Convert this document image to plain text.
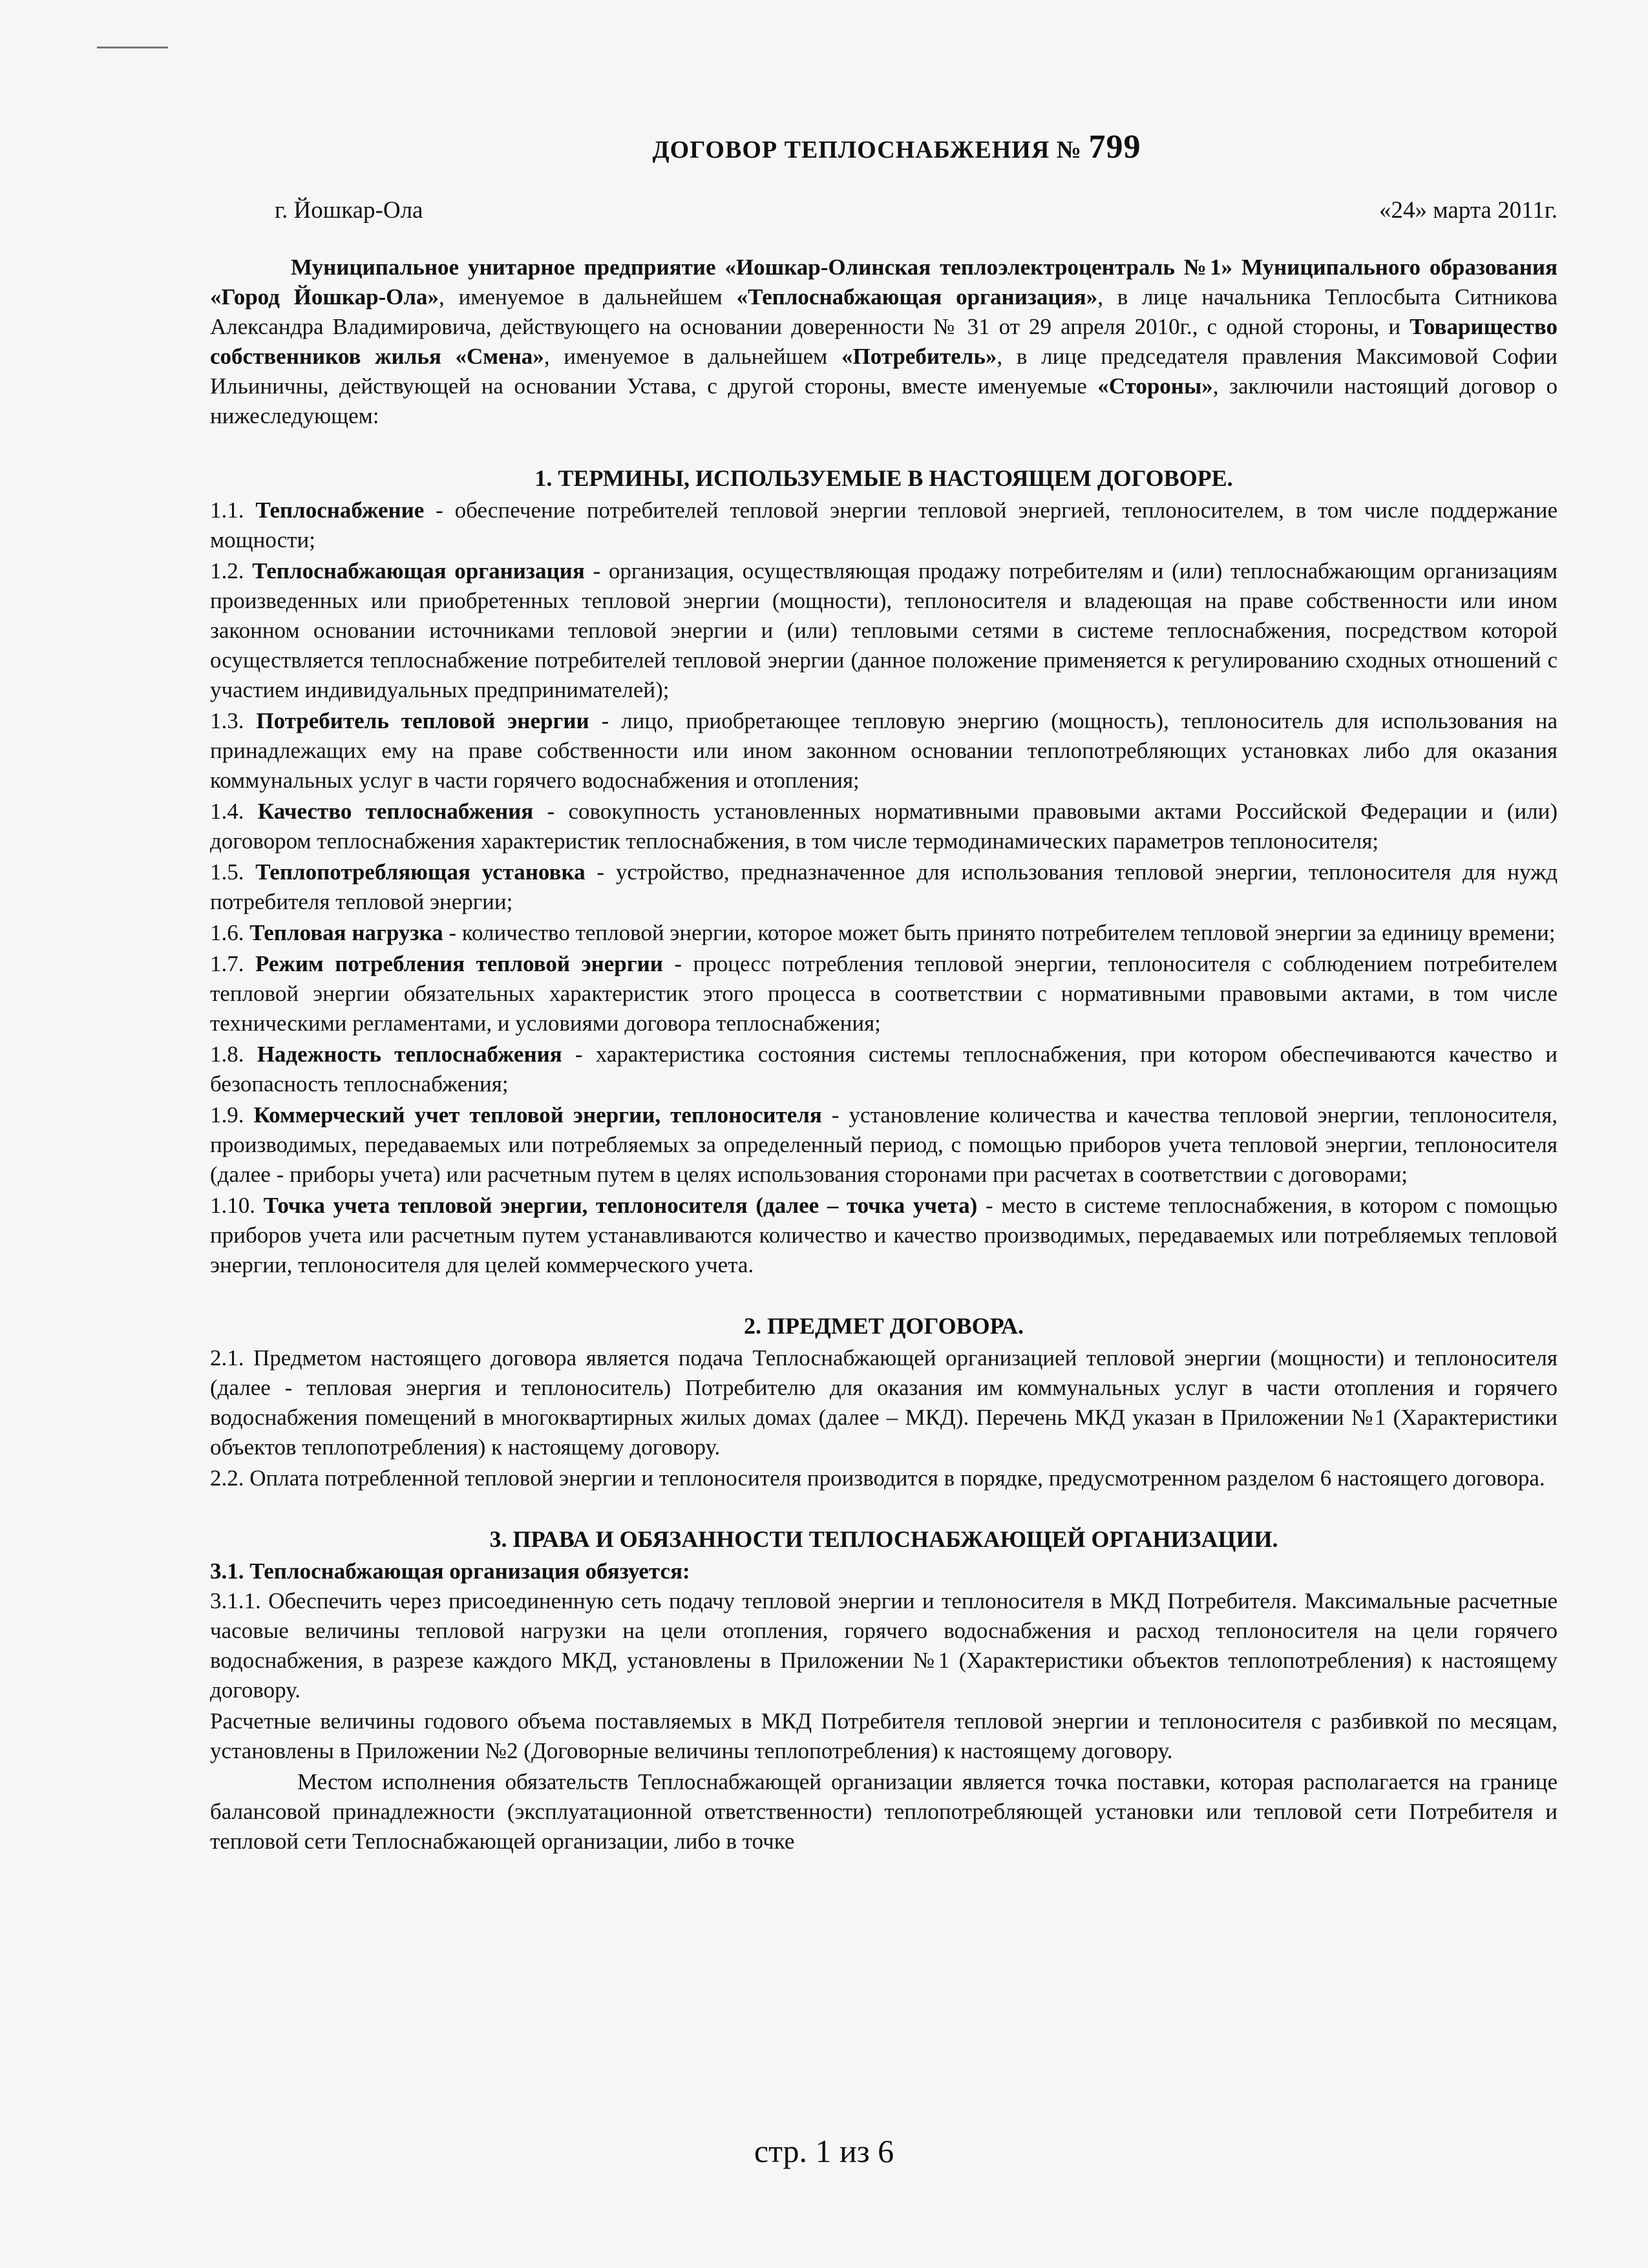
ДОГОВОР ТЕПЛОСНАБЖЕНИЯ № 799
г. Йошкар-Ола	«24» марта 2011г.

Муниципальное унитарное предприятие «Иошкар-Олинская теплоэлектроцентраль №1» Муниципального образования «Город Йошкар-Ола», именуемое в дальнейшем «Теплоснабжающая организация», в лице начальника Теплосбыта Ситникова Александра Владимировича, действующего на основании доверенности № 31 от 29 апреля 2010г., с одной стороны, и Товарищество собственников жилья «Смена», именуемое в дальнейшем «Потребитель», в лице председателя правления Максимовой Софии Ильиничны, действующей на основании Устава, с другой стороны, вместе именуемые «Стороны», заключили настоящий договор о нижеследующем:

1. ТЕРМИНЫ, ИСПОЛЬЗУЕМЫЕ В НАСТОЯЩЕМ ДОГОВОРЕ.

1.1. Теплоснабжение - обеспечение потребителей тепловой энергии тепловой энергией, теплоносителем, в том числе поддержание мощности;

1.2. Теплоснабжающая организация - организация, осуществляющая продажу потребителям и (или) теплоснабжающим организациям произведенных или приобретенных тепловой энергии (мощности), теплоносителя и владеющая на праве собственности или ином законном основании источниками тепловой энергии и (или) тепловыми сетями в системе теплоснабжения, посредством которой осуществляется теплоснабжение потребителей тепловой энергии (данное положение применяется к регулированию сходных отношений с участием индивидуальных предпринимателей);

1.3. Потребитель тепловой энергии - лицо, приобретающее тепловую энергию (мощность), теплоноситель для использования на принадлежащих ему на праве собственности или ином законном основании теплопотребляющих установках либо для оказания коммунальных услуг в части горячего водоснабжения и отопления;

1.4. Качество теплоснабжения - совокупность установленных нормативными правовыми актами Российской Федерации и (или) договором теплоснабжения характеристик теплоснабжения, в том числе термодинамических параметров теплоносителя;

1.5. Теплопотребляющая установка - устройство, предназначенное для использования тепловой энергии, теплоносителя для нужд потребителя тепловой энергии;

1.6. Тепловая нагрузка - количество тепловой энергии, которое может быть принято потребителем тепловой энергии за единицу времени;

1.7. Режим потребления тепловой энергии - процесс потребления тепловой энергии, теплоносителя с соблюдением потребителем тепловой энергии обязательных характеристик этого процесса в соответствии с нормативными правовыми актами, в том числе техническими регламентами, и условиями договора теплоснабжения;

1.8. Надежность теплоснабжения - характеристика состояния системы теплоснабжения, при котором обеспечиваются качество и безопасность теплоснабжения;

1.9. Коммерческий учет тепловой энергии, теплоносителя - установление количества и качества тепловой энергии, теплоносителя, производимых, передаваемых или потребляемых за определенный период, с помощью приборов учета тепловой энергии, теплоносителя (далее - приборы учета) или расчетным путем в целях использования сторонами при расчетах в соответствии с договорами;

1.10. Точка учета тепловой энергии, теплоносителя (далее – точка учета) - место в системе теплоснабжения, в котором с помощью приборов учета или расчетным путем устанавливаются количество и качество производимых, передаваемых или потребляемых тепловой энергии, теплоносителя для целей коммерческого учета.

2. ПРЕДМЕТ ДОГОВОРА.

2.1. Предметом настоящего договора является подача Теплоснабжающей организацией тепловой энергии (мощности) и теплоносителя (далее - тепловая энергия и теплоноситель) Потребителю для оказания им коммунальных услуг в части отопления и горячего водоснабжения помещений в многоквартирных жилых домах (далее – МКД). Перечень МКД указан в Приложении №1 (Характеристики объектов теплопотребления) к настоящему договору.

2.2. Оплата потребленной тепловой энергии и теплоносителя производится в порядке, предусмотренном разделом 6 настоящего договора.

3. ПРАВА И ОБЯЗАННОСТИ ТЕПЛОСНАБЖАЮЩЕЙ ОРГАНИЗАЦИИ.

3.1. Теплоснабжающая организация обязуется:

3.1.1. Обеспечить через присоединенную сеть подачу тепловой энергии и теплоносителя в МКД Потребителя. Максимальные расчетные часовые величины тепловой нагрузки на цели отопления, горячего водоснабжения и расход теплоносителя на цели горячего водоснабжения, в разрезе каждого МКД, установлены в Приложении №1 (Характеристики объектов теплопотребления) к настоящему договору.

Расчетные величины годового объема поставляемых в МКД Потребителя тепловой энергии и теплоносителя с разбивкой по месяцам, установлены в Приложении №2 (Договорные величины теплопотребления) к настоящему договору.

Местом исполнения обязательств Теплоснабжающей организации является точка поставки, которая располагается на границе балансовой принадлежности (эксплуатационной ответственности) теплопотребляющей установки или тепловой сети Потребителя и тепловой сети Теплоснабжающей организации, либо в точке

стр. 1 из 6
